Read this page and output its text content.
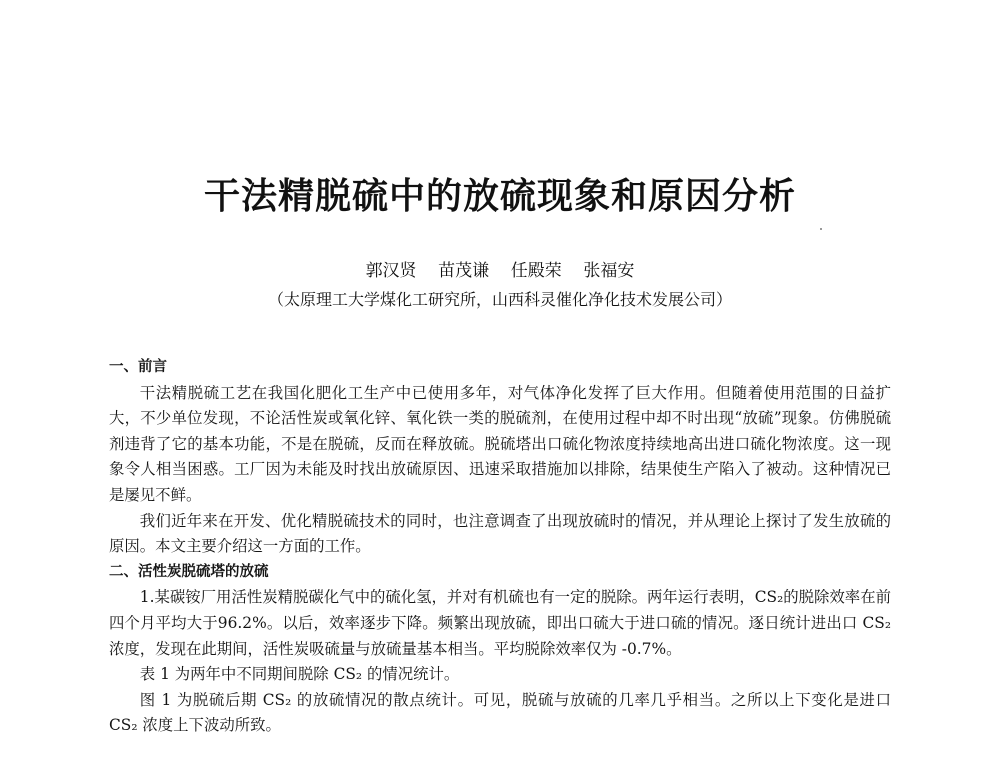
干法精脱硫中的放硫现象和原因分析
郭汉贤    苗茂谦    任殿荣    张福安
（太原理工大学煤化工研究所，山西科灵催化净化技术发展公司）
一、前言

干法精脱硫工艺在我国化肥化工生产中已使用多年，对气体净化发挥了巨大作用。但随着使用范围的日益扩大，不少单位发现，不论活性炭或氧化锌、氧化铁一类的脱硫剂，在使用过程中却不时出现“放硫”现象。仿佛脱硫剂违背了它的基本功能，不是在脱硫，反而在释放硫。脱硫塔出口硫化物浓度持续地高出进口硫化物浓度。这一现象令人相当困惑。工厂因为未能及时找出放硫原因、迅速采取措施加以排除，结果使生产陷入了被动。这种情况已是屡见不鲜。

我们近年来在开发、优化精脱硫技术的同时，也注意调查了出现放硫时的情况，并从理论上探讨了发生放硫的原因。本文主要介绍这一方面的工作。

二、活性炭脱硫塔的放硫

1.某碳铵厂用活性炭精脱碳化气中的硫化氢，并对有机硫也有一定的脱除。两年运行表明，CS₂的脱除效率在前四个月平均大于96.2%。以后，效率逐步下降。频繁出现放硫，即出口硫大于进口硫的情况。逐日统计进出口 CS₂ 浓度，发现在此期间，活性炭吸硫量与放硫量基本相当。平均脱除效率仅为 -0.7%。

表 1 为两年中不同期间脱除 CS₂ 的情况统计。

图 1 为脱硫后期 CS₂ 的放硫情况的散点统计。可见，脱硫与放硫的几率几乎相当。之所以上下变化是进口 CS₂ 浓度上下波动所致。
